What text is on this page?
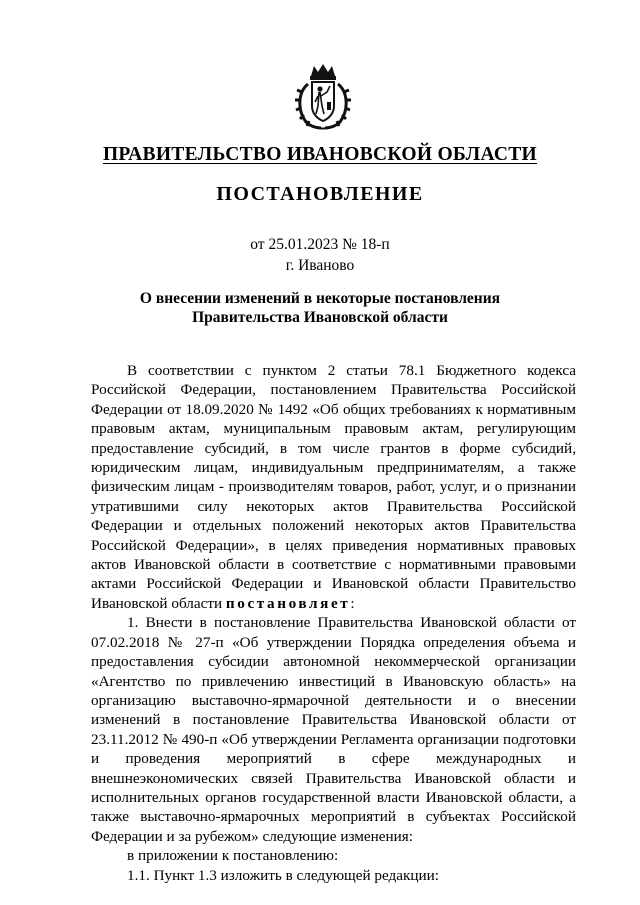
ПРАВИТЕЛЬСТВО ИВАНОВСКОЙ ОБЛАСТИ
ПОСТАНОВЛЕНИЕ
от 25.01.2023 № 18-п
г. Иваново
О внесении изменений в некоторые постановления Правительства Ивановской области

В соответствии с пунктом 2 статьи 78.1 Бюджетного кодекса Российской Федерации, постановлением Правительства Российской Федерации от 18.09.2020 № 1492 «Об общих требованиях к нормативным правовым актам, муниципальным правовым актам, регулирующим предоставление субсидий, в том числе грантов в форме субсидий, юридическим лицам, индивидуальным предпринимателям, а также физическим лицам - производителям товаров, работ, услуг, и о признании утратившими силу некоторых актов Правительства Российской Федерации и отдельных положений некоторых актов Правительства Российской Федерации», в целях приведения нормативных правовых актов Ивановской области в соответствие с нормативными правовыми актами Российской Федерации и Ивановской области Правительство Ивановской области постановляет:

1. Внести в постановление Правительства Ивановской области от 07.02.2018 № 27-п «Об утверждении Порядка определения объема и предоставления субсидии автономной некоммерческой организации «Агентство по привлечению инвестиций в Ивановскую область» на организацию выставочно-ярмарочной деятельности и о внесении изменений в постановление Правительства Ивановской области от 23.11.2012 № 490-п «Об утверждении Регламента организации подготовки и проведения мероприятий в сфере международных и внешнеэкономических связей Правительства Ивановской области и исполнительных органов государственной власти Ивановской области, а также выставочно-ярмарочных мероприятий в субъектах Российской Федерации и за рубежом» следующие изменения:

в приложении к постановлению:

1.1. Пункт 1.3 изложить в следующей редакции:
